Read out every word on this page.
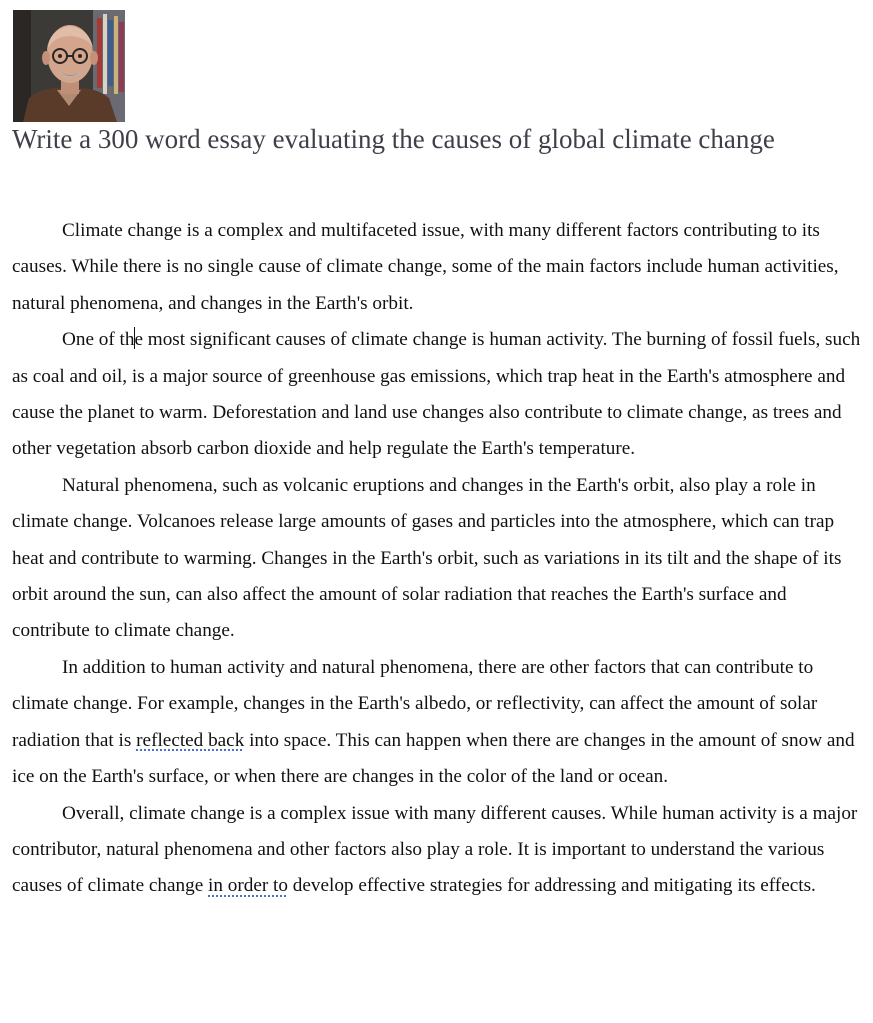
Write a 300 word essay evaluating the causes of global climate change

Climate change is a complex and multifaceted issue, with many different factors contributing to its causes. While there is no single cause of climate change, some of the main factors include human activities, natural phenomena, and changes in the Earth's orbit.

One of the most significant causes of climate change is human activity. The burning of fossil fuels, such as coal and oil, is a major source of greenhouse gas emissions, which trap heat in the Earth's atmosphere and cause the planet to warm. Deforestation and land use changes also contribute to climate change, as trees and other vegetation absorb carbon dioxide and help regulate the Earth's temperature.

Natural phenomena, such as volcanic eruptions and changes in the Earth's orbit, also play a role in climate change. Volcanoes release large amounts of gases and particles into the atmosphere, which can trap heat and contribute to warming. Changes in the Earth's orbit, such as variations in its tilt and the shape of its orbit around the sun, can also affect the amount of solar radiation that reaches the Earth's surface and contribute to climate change.

In addition to human activity and natural phenomena, there are other factors that can contribute to climate change. For example, changes in the Earth's albedo, or reflectivity, can affect the amount of solar radiation that is reflected back into space. This can happen when there are changes in the amount of snow and ice on the Earth's surface, or when there are changes in the color of the land or ocean.

Overall, climate change is a complex issue with many different causes. While human activity is a major contributor, natural phenomena and other factors also play a role. It is important to understand the various causes of climate change in order to develop effective strategies for addressing and mitigating its effects.
